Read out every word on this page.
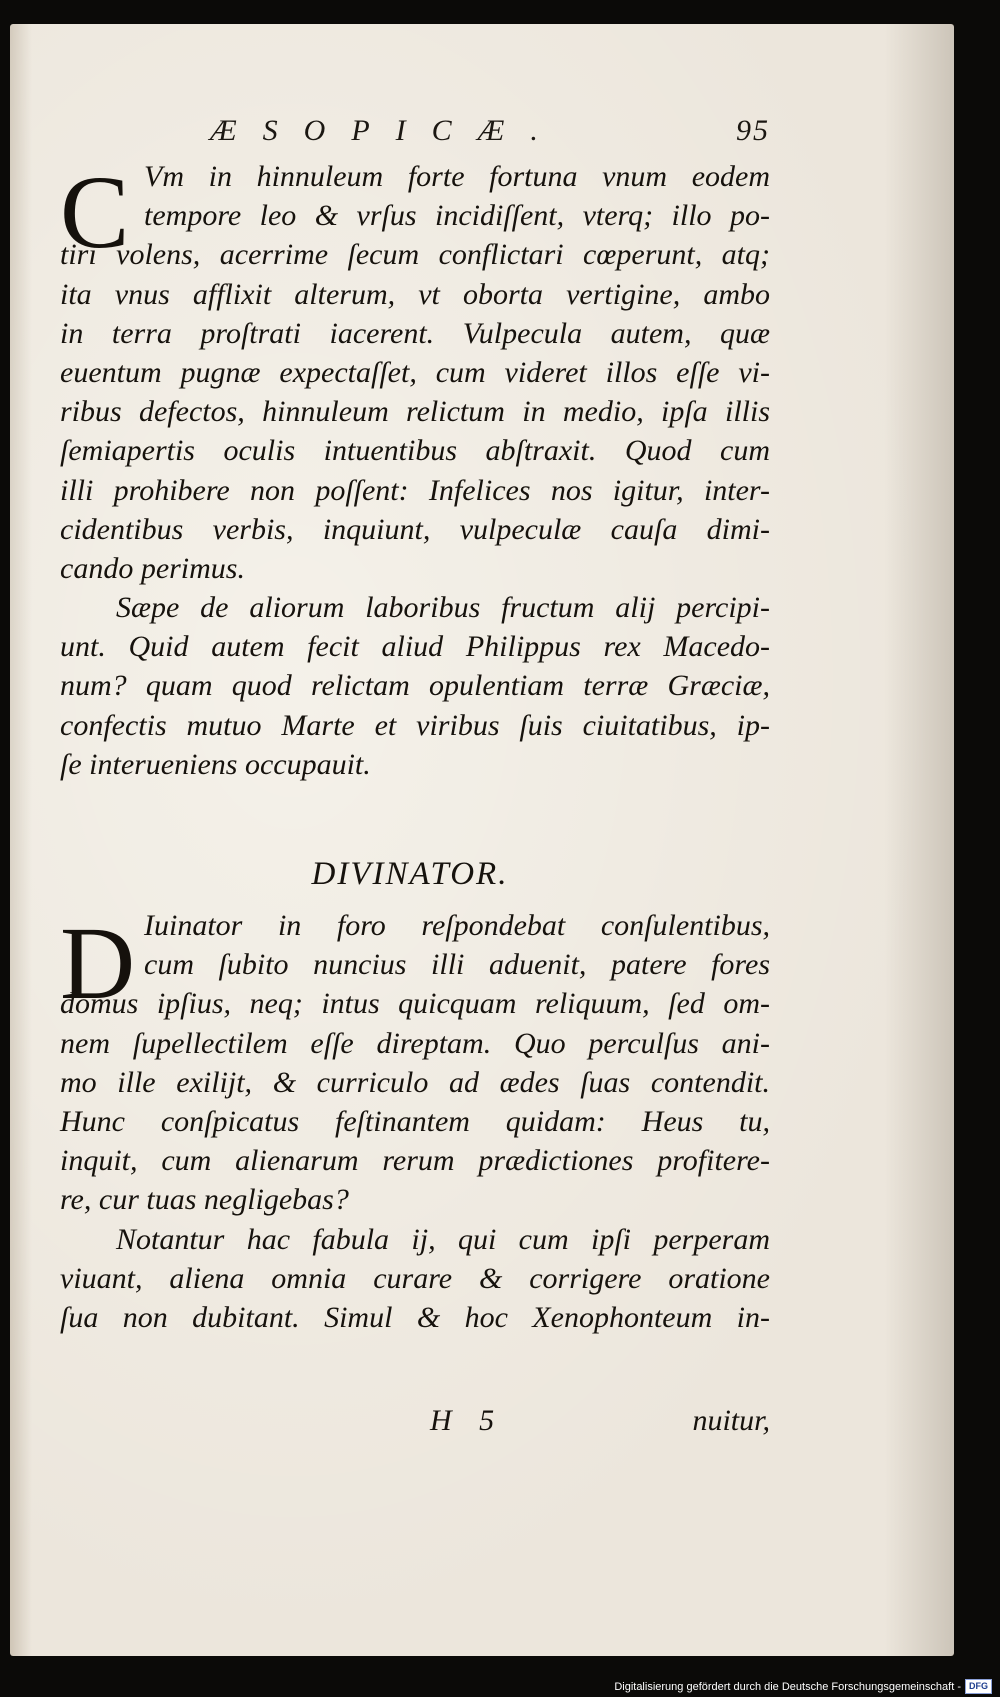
ÆSOPICÆ.	95
C Vm in hinnuleum forte fortuna vnum eodem
tempore leo & vrſus incidiſſent, vterq; illo po-
tiri volens, acerrime ſecum conflictari cœperunt, atq;
ita vnus afflixit alterum, vt oborta vertigine, ambo
in terra proſtrati iacerent. Vulpecula autem, quæ
euentum pugnæ expectaſſet, cum videret illos eſſe vi-
ribus defectos, hinnuleum relictum in medio, ipſa illis
ſemiapertis oculis intuentibus abſtraxit. Quod cum
illi prohibere non poſſent: Infelices nos igitur, inter-
cidentibus verbis, inquiunt, vulpeculæ cauſa dimi-
cando perimus.
Sæpe de aliorum laboribus fructum alij percipi-
unt. Quid autem fecit aliud Philippus rex Macedo-
num? quam quod relictam opulentiam terræ Græciæ,
confectis mutuo Marte et viribus ſuis ciuitatibus, ip-
ſe interueniens occupauit.
DIVINATOR.
D Iuinator in foro reſpondebat conſulentibus,
cum ſubito nuncius illi aduenit, patere fores
domus ipſius, neq; intus quicquam reliquum, ſed om-
nem ſupellectilem eſſe direptam. Quo perculſus ani-
mo ille exilijt, & curriculo ad ædes ſuas contendit.
Hunc conſpicatus feſtinantem quidam: Heus tu,
inquit, cum alienarum rerum prædictiones profitere-
re, cur tuas negligebas?
Notantur hac fabula ij, qui cum ipſi perperam
viuant, aliena omnia curare & corrigere oratione
ſua non dubitant. Simul & hoc Xenophonteum in-
H 5	nuitur,
Digitalisierung gefördert durch die Deutsche Forschungsgemeinschaft - DFG
